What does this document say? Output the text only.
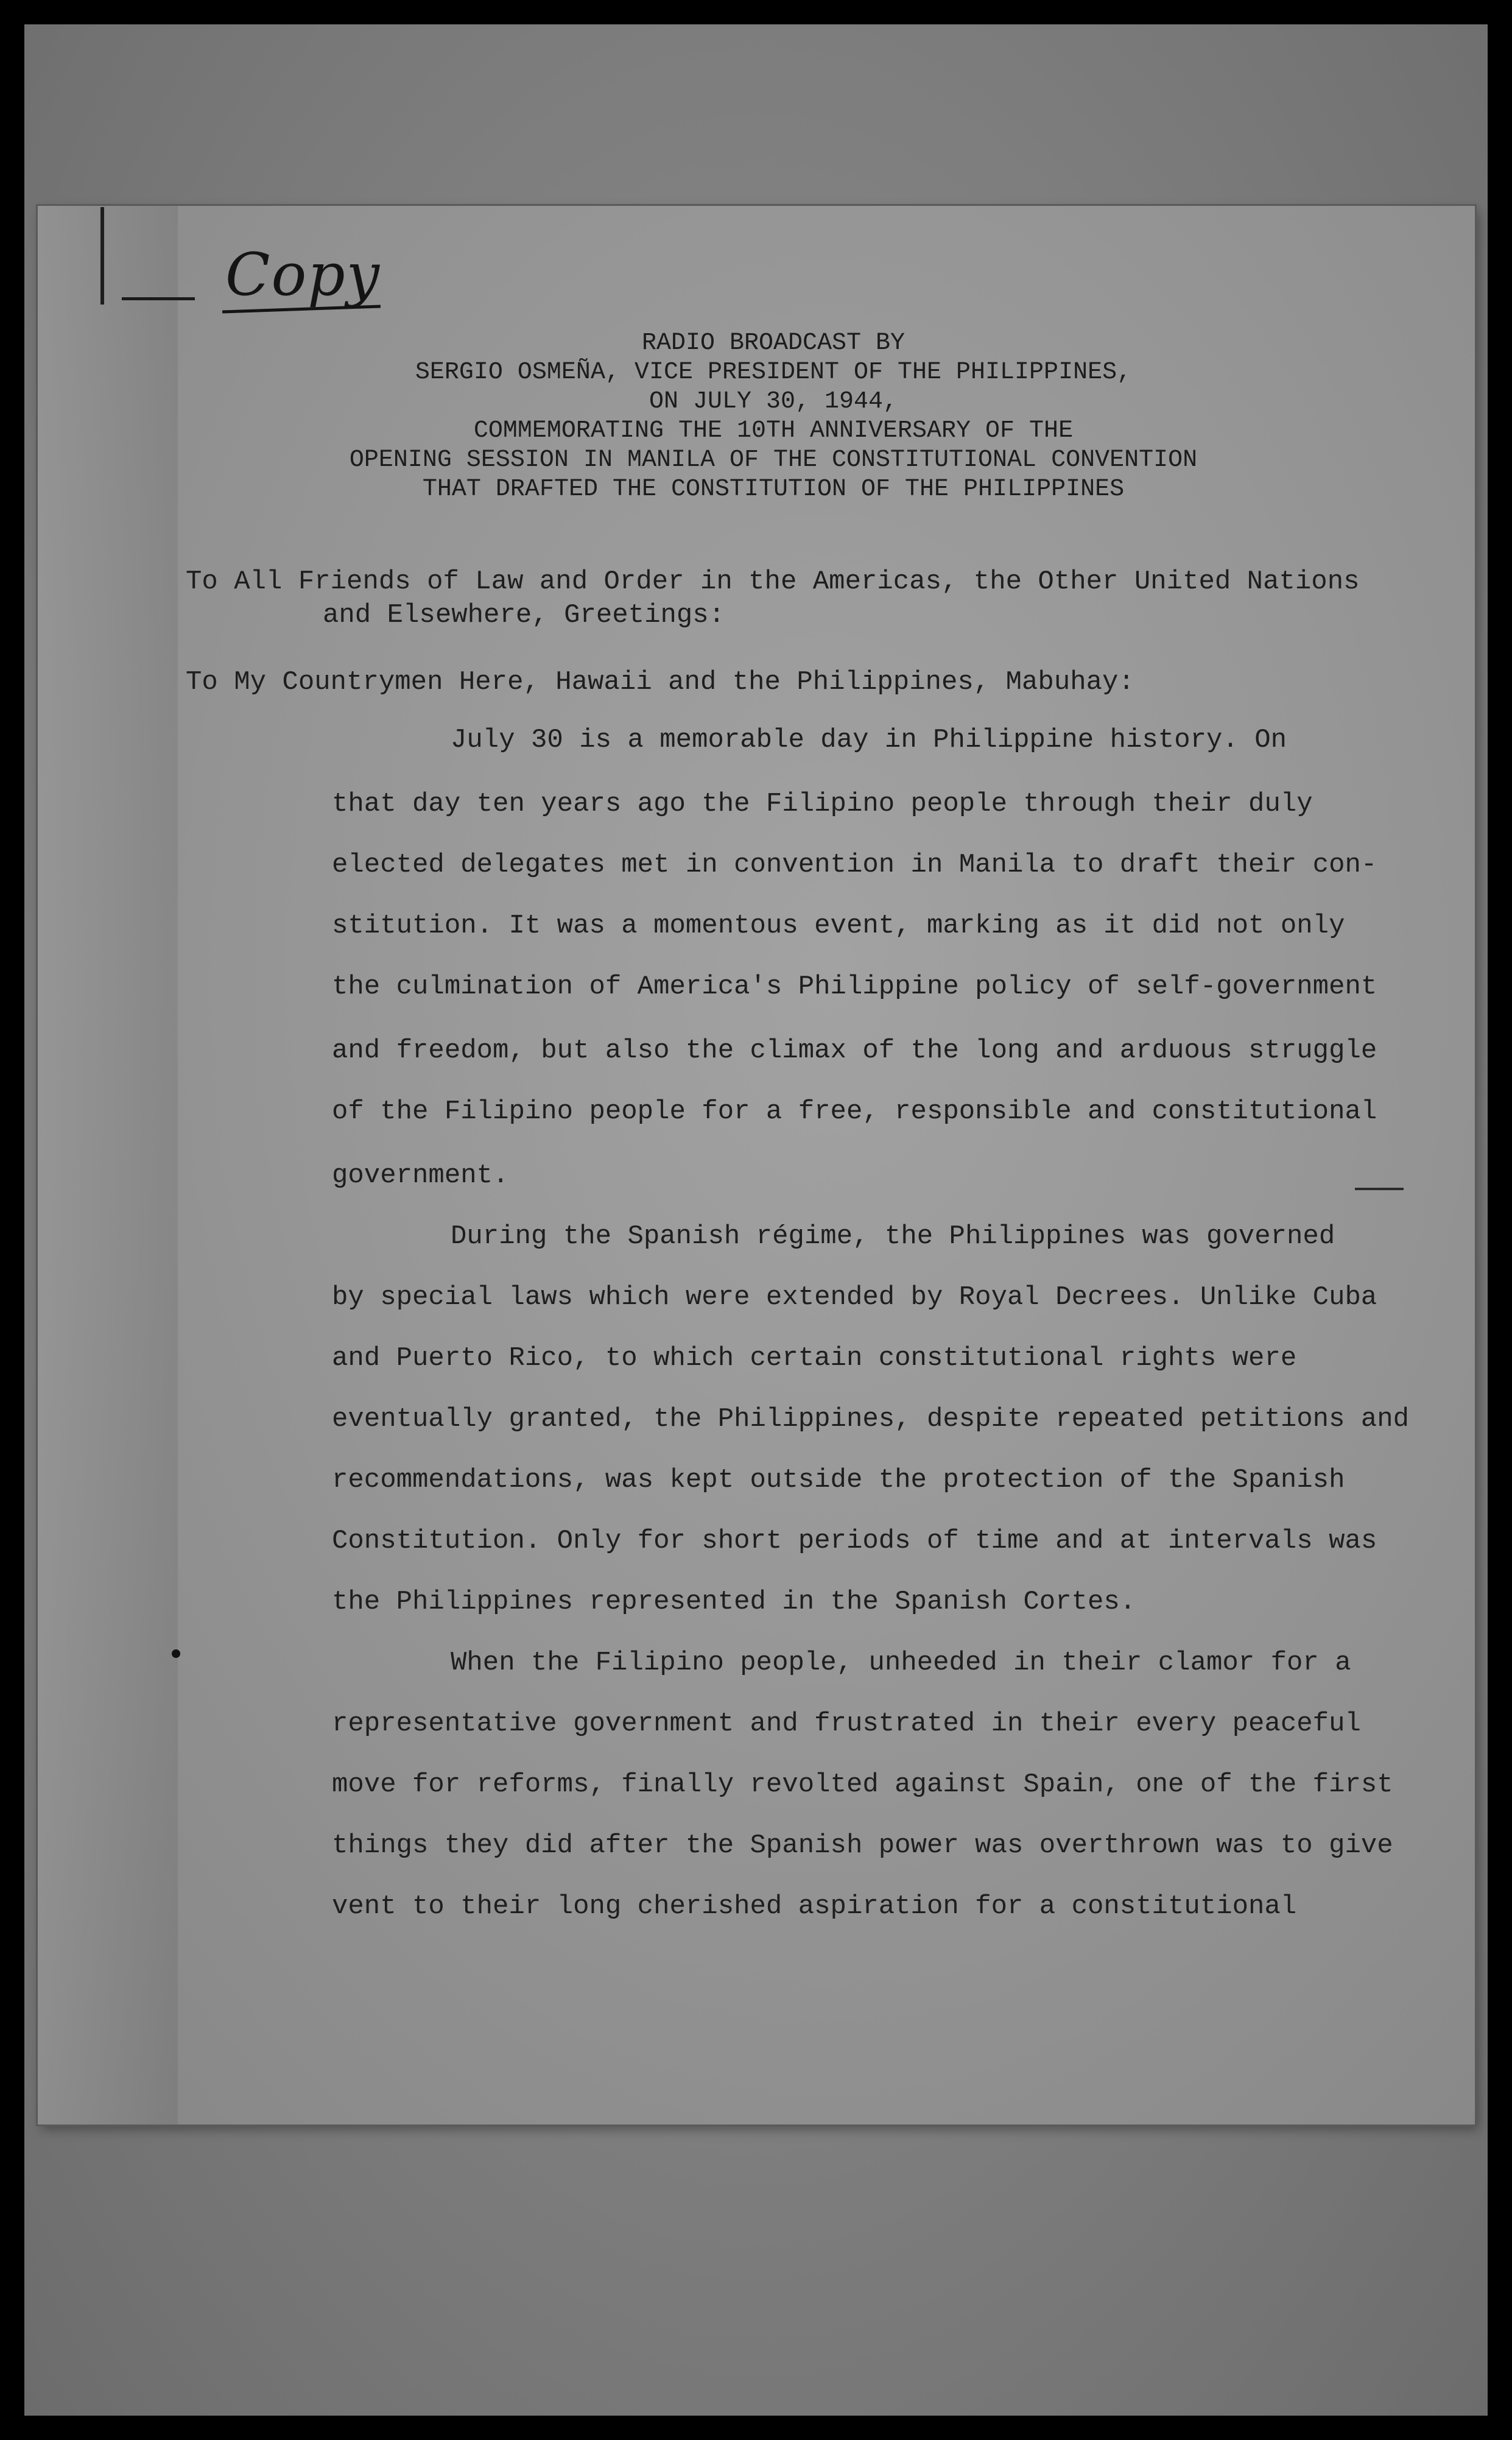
Copy
RADIO BROADCAST BY
SERGIO OSMEÑA, VICE PRESIDENT OF THE PHILIPPINES,
ON JULY 30, 1944,
COMMEMORATING THE 10TH ANNIVERSARY OF THE
OPENING SESSION IN MANILA OF THE CONSTITUTIONAL CONVENTION
THAT DRAFTED THE CONSTITUTION OF THE PHILIPPINES
To All Friends of Law and Order in the Americas, the Other United Nations
and Elsewhere, Greetings:
To My Countrymen Here, Hawaii and the Philippines, Mabuhay:
July 30 is a memorable day in Philippine history. On
that day ten years ago the Filipino people through their duly
elected delegates met in convention in Manila to draft their con-
stitution. It was a momentous event, marking as it did not only
the culmination of America's Philippine policy of self-government
and freedom, but also the climax of the long and arduous struggle
of the Filipino people for a free, responsible and constitutional
government.
During the Spanish régime, the Philippines was governed
by special laws which were extended by Royal Decrees. Unlike Cuba
and Puerto Rico, to which certain constitutional rights were
eventually granted, the Philippines, despite repeated petitions and
recommendations, was kept outside the protection of the Spanish
Constitution. Only for short periods of time and at intervals was
the Philippines represented in the Spanish Cortes.
When the Filipino people, unheeded in their clamor for a
representative government and frustrated in their every peaceful
move for reforms, finally revolted against Spain, one of the first
things they did after the Spanish power was overthrown was to give
vent to their long cherished aspiration for a constitutional
